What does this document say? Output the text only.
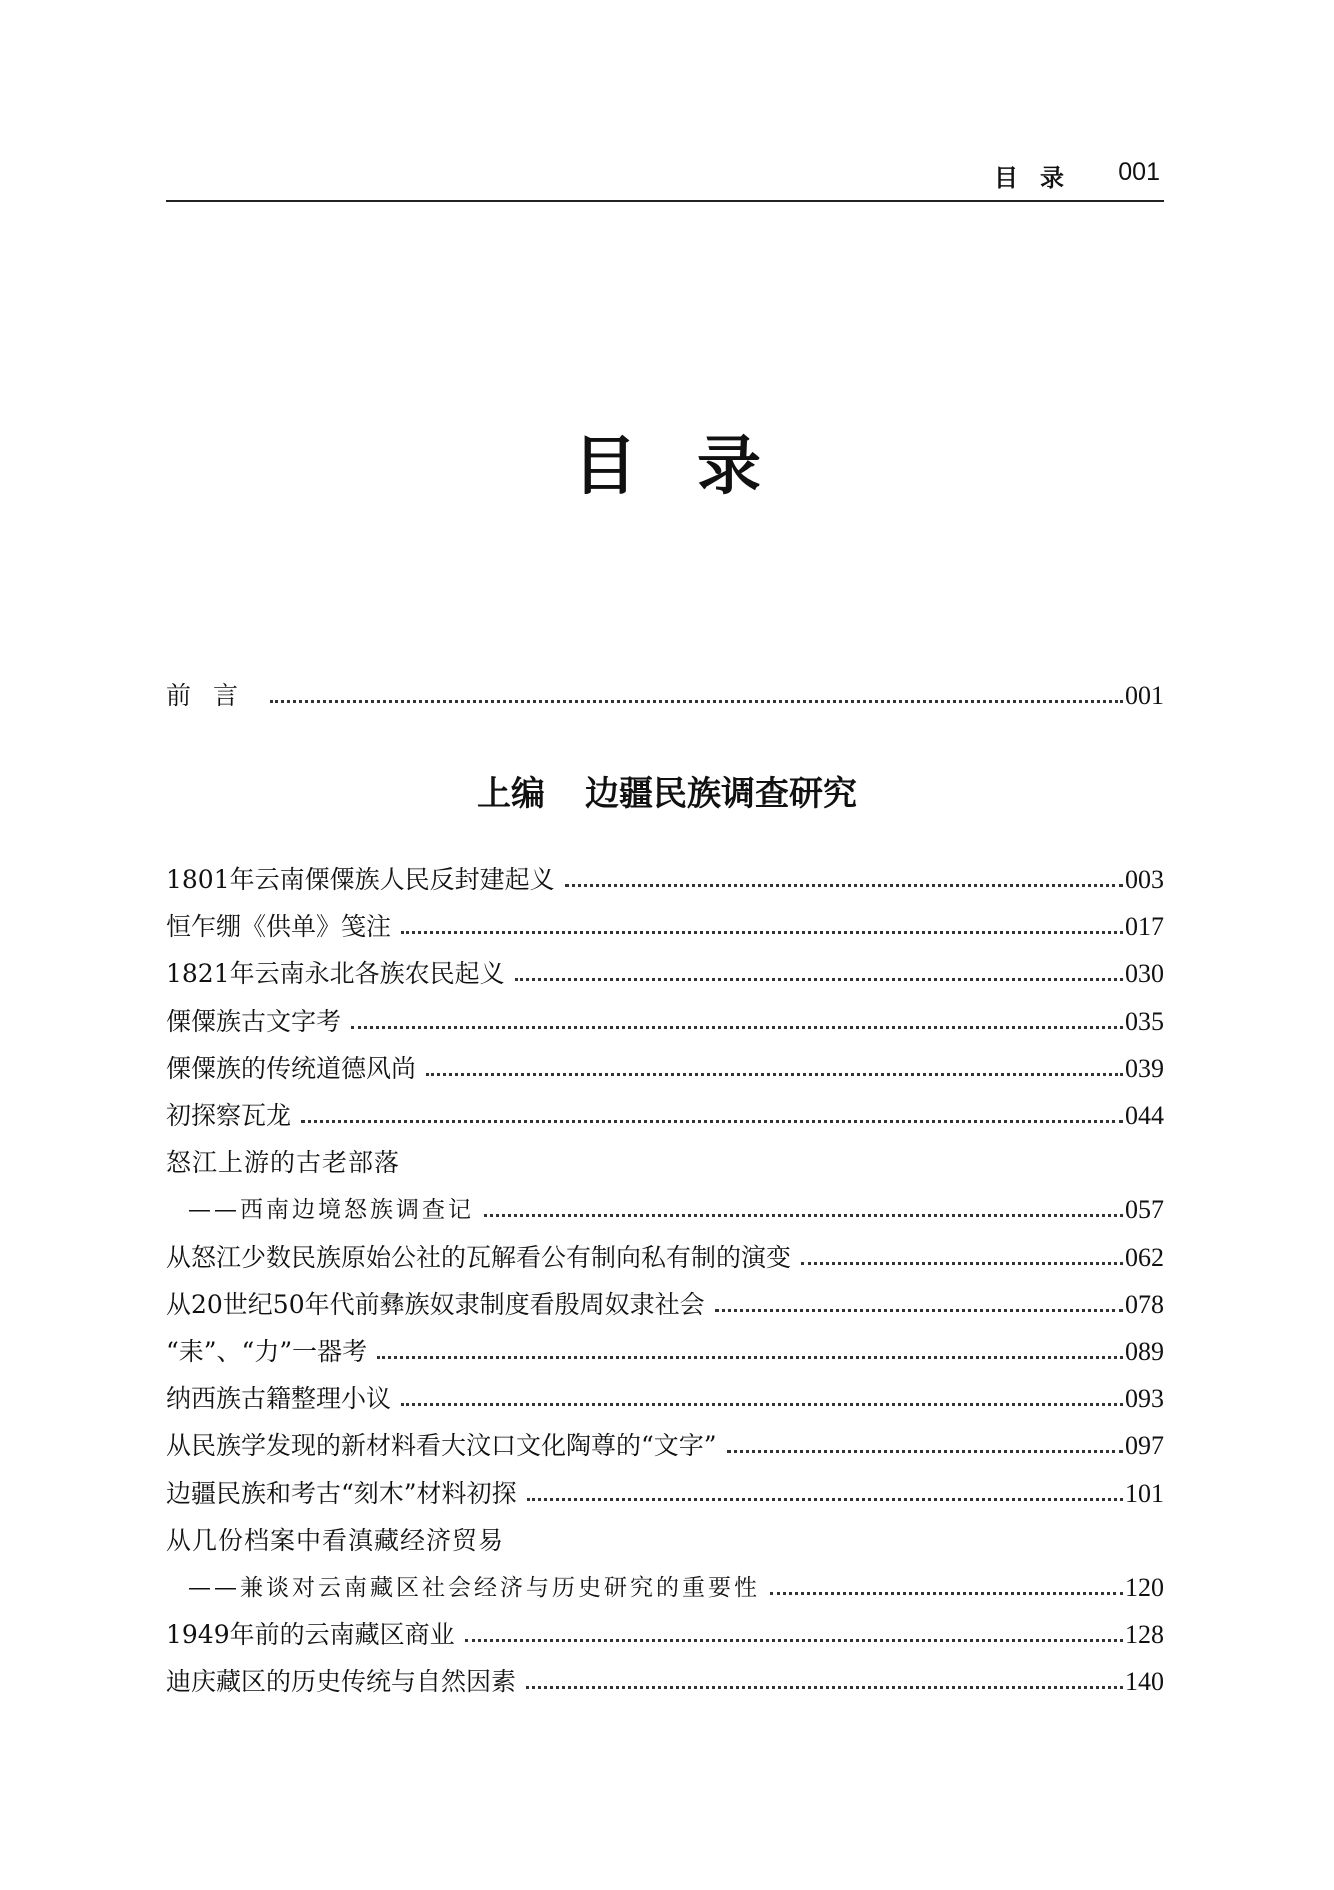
目录 001
目录
前言	001
上编 边疆民族调查研究
1801年云南傈僳族人民反封建起义	003
恒乍绷《供单》笺注	017
1821年云南永北各族农民起义	030
傈僳族古文字考	035
傈僳族的传统道德风尚	039
初探察瓦龙	044
怒江上游的古老部落
——西南边境怒族调查记	057
从怒江少数民族原始公社的瓦解看公有制向私有制的演变	062
从20世纪50年代前彝族奴隶制度看殷周奴隶社会	078
“耒”、“力”一器考	089
纳西族古籍整理小议	093
从民族学发现的新材料看大汶口文化陶尊的“文字”	097
边疆民族和考古“刻木”材料初探	101
从几份档案中看滇藏经济贸易
——兼谈对云南藏区社会经济与历史研究的重要性	120
1949年前的云南藏区商业	128
迪庆藏区的历史传统与自然因素	140
